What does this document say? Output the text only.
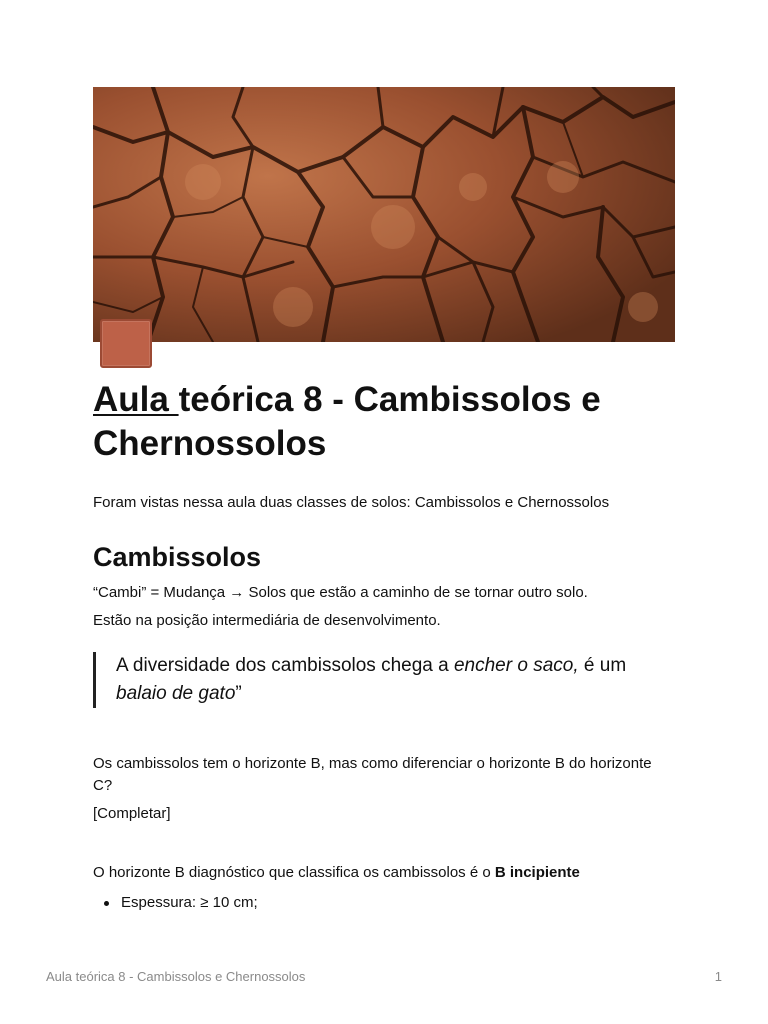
Aula teórica 8 - Cambissolos e Chernossolos

Foram vistas nessa aula duas classes de solos: Cambissolos e Chernossolos

Cambissolos

“Cambi” = Mudança → Solos que estão a caminho de se tornar outro solo.

Estão na posição intermediária de desenvolvimento.

A diversidade dos cambissolos chega a encher o saco, é um balaio de gato”

Os cambissolos tem o horizonte B, mas como diferenciar o horizonte B do horizonte

C?

[Completar]

O horizonte B diagnóstico que classifica os cambissolos é o B incipiente

Espessura: ≥ 10 cm;
Aula teórica 8 - Cambissolos e Chernossolos	1
